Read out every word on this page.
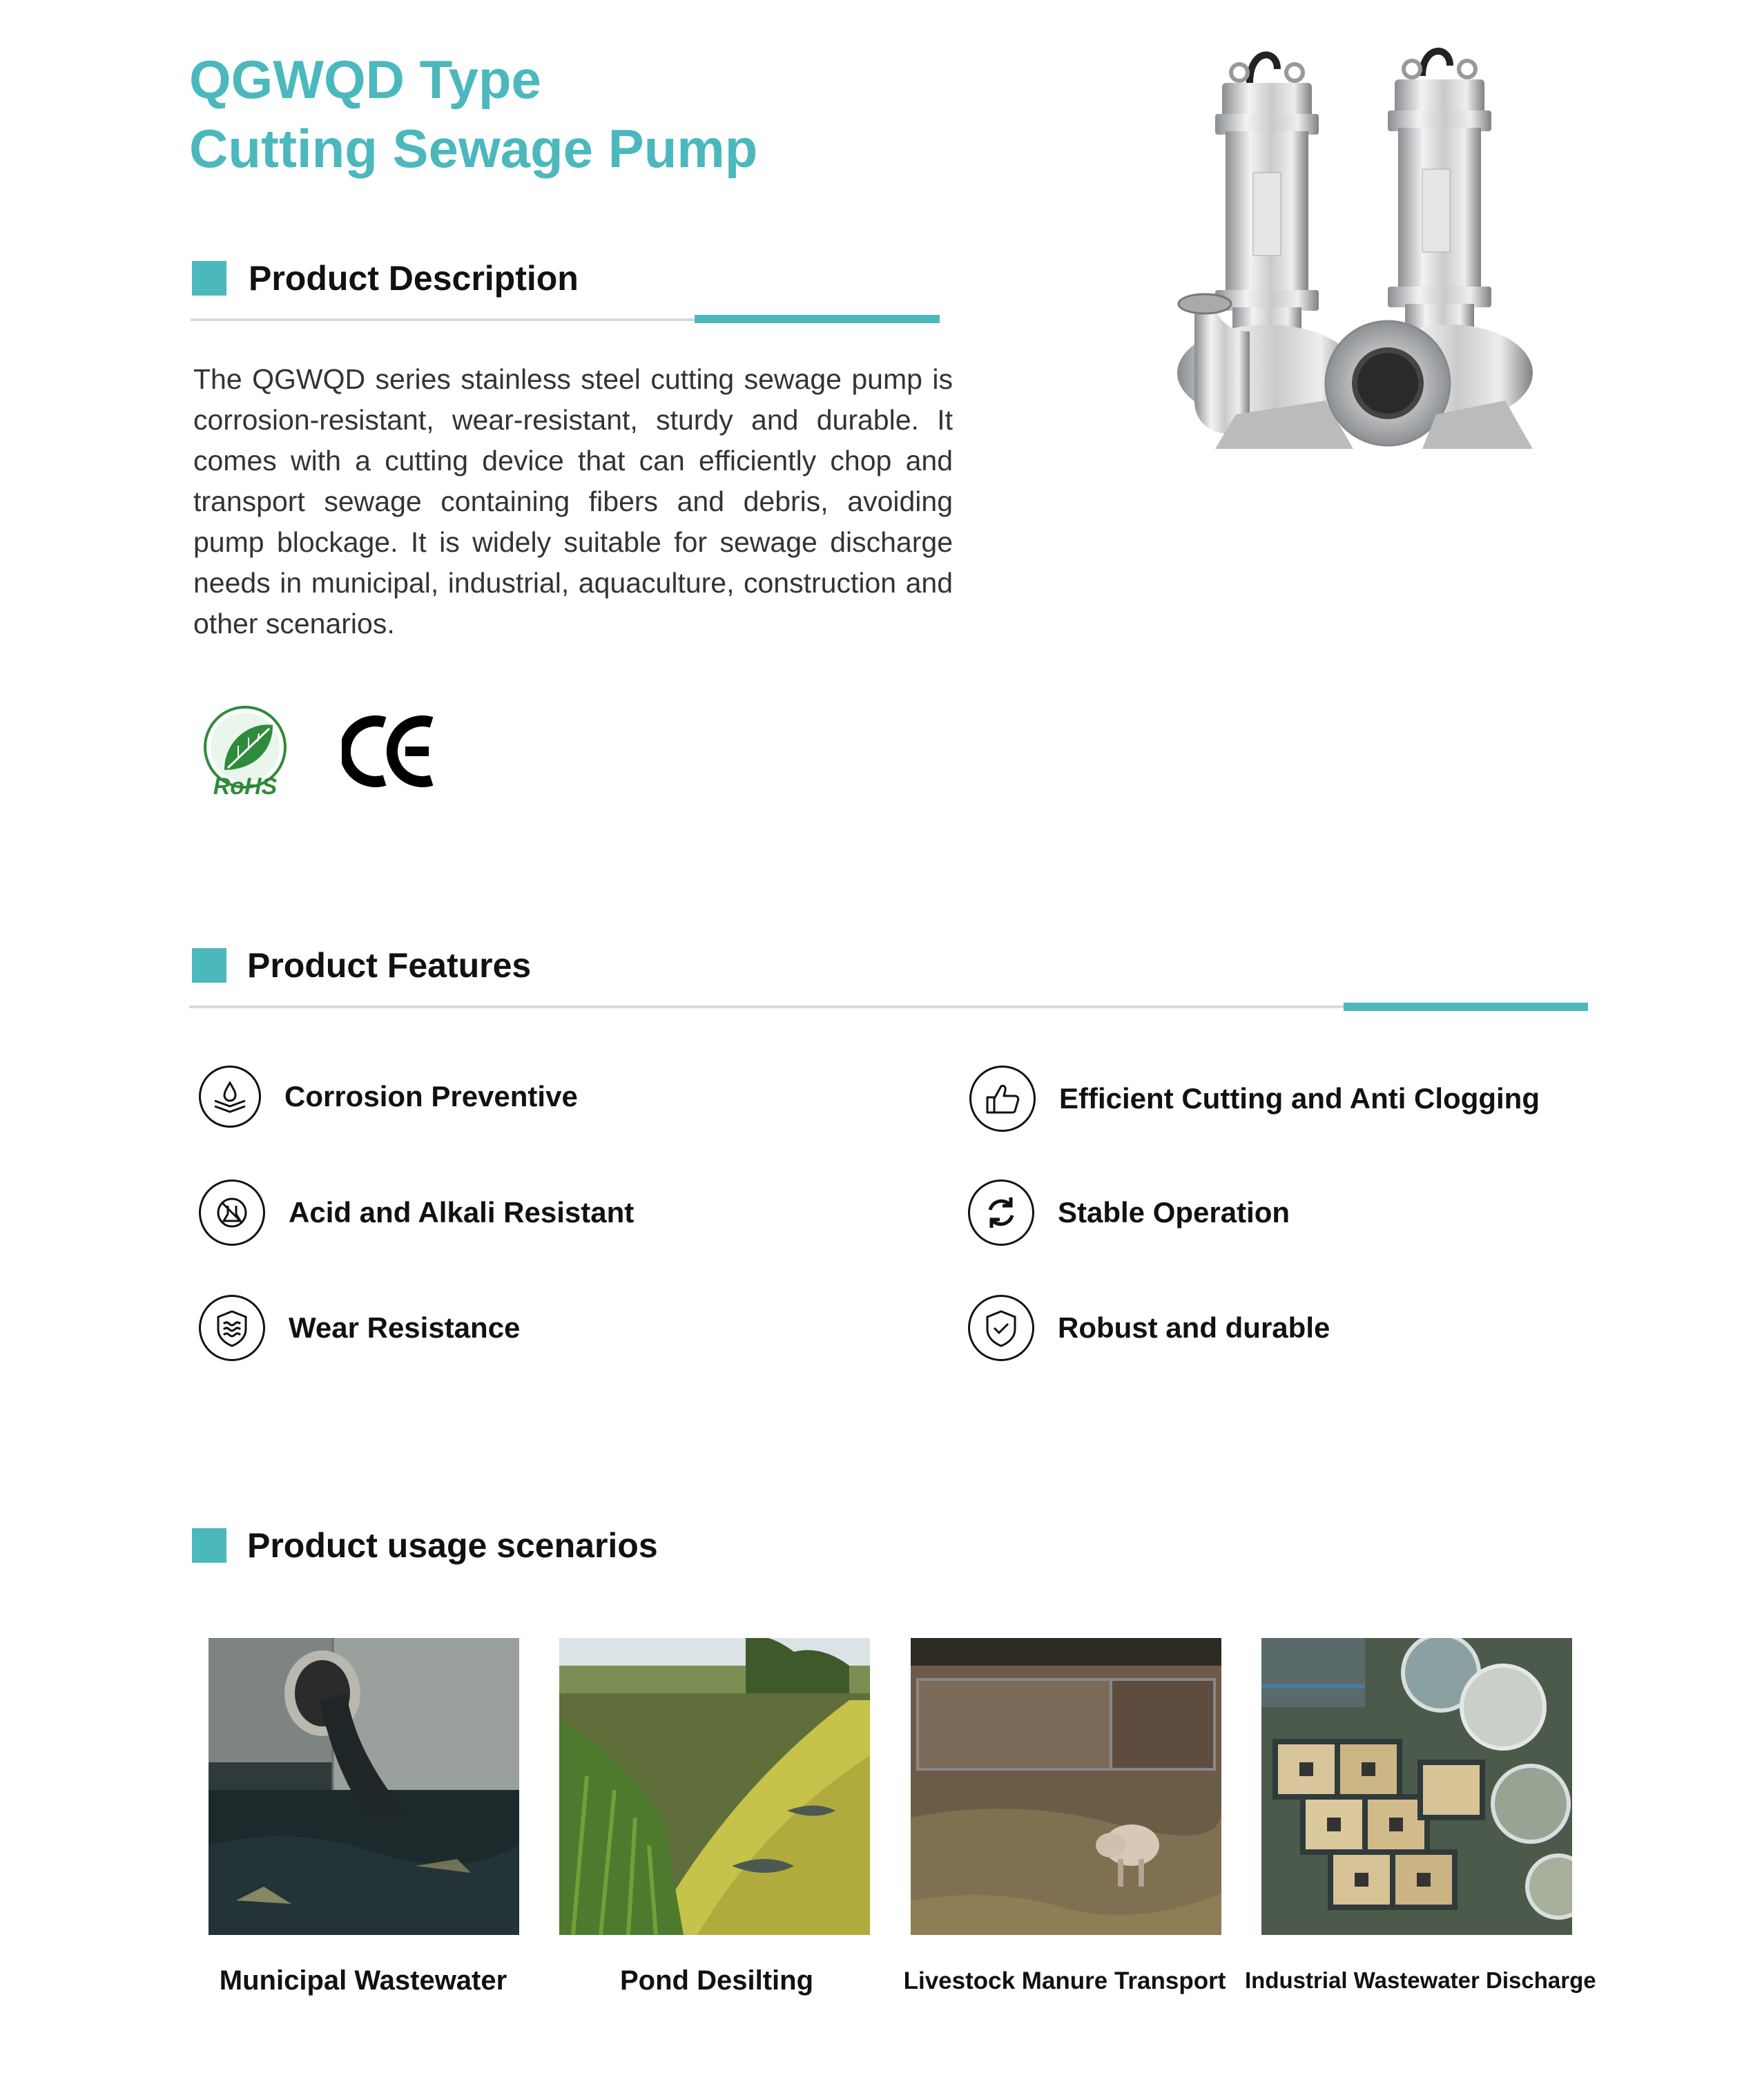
QGWQD Type
Cutting Sewage Pump
Product Description

The QGWQD series stainless steel cutting sewage pump is corrosion-resistant, wear-resistant, sturdy and durable. It comes with a cutting device that can efficiently chop and transport sewage containing fibers and debris, avoiding pump blockage. It is widely suitable for sewage discharge needs in municipal, industrial, aquaculture, construction and other scenarios.

RoHS
Product Features
Corrosion Preventive	Efficient Cutting and Anti Clogging
Acid and Alkali Resistant	Stable Operation
Wear Resistance	Robust and durable
Product usage scenarios
Municipal Wastewater	Pond Desilting	Livestock Manure Transport Industrial Wastewater Discharge
